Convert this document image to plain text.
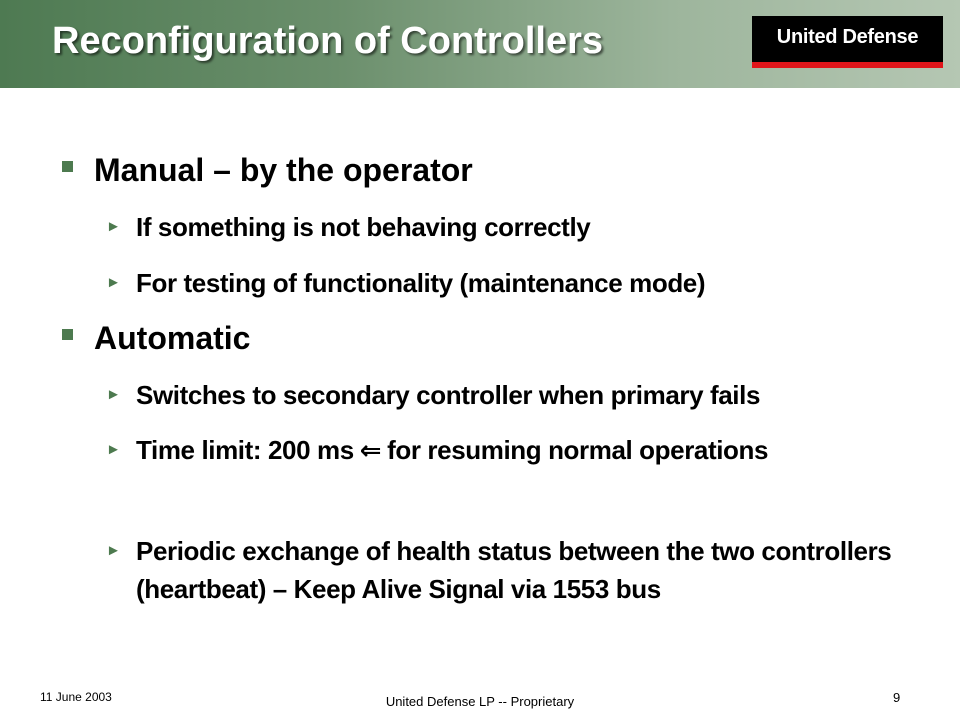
Reconfiguration of Controllers	United Defense
Manual – by the operator
► If something is not behaving correctly
► For testing of functionality (maintenance mode)
Automatic
► Switches to secondary controller when primary fails
► Time limit: 200 ms ⇐ for resuming normal operations
► Periodic exchange of health status between the two controllers (heartbeat) – Keep Alive Signal via 1553 bus
11 June 2003	United Defense LP -- Proprietary	9
